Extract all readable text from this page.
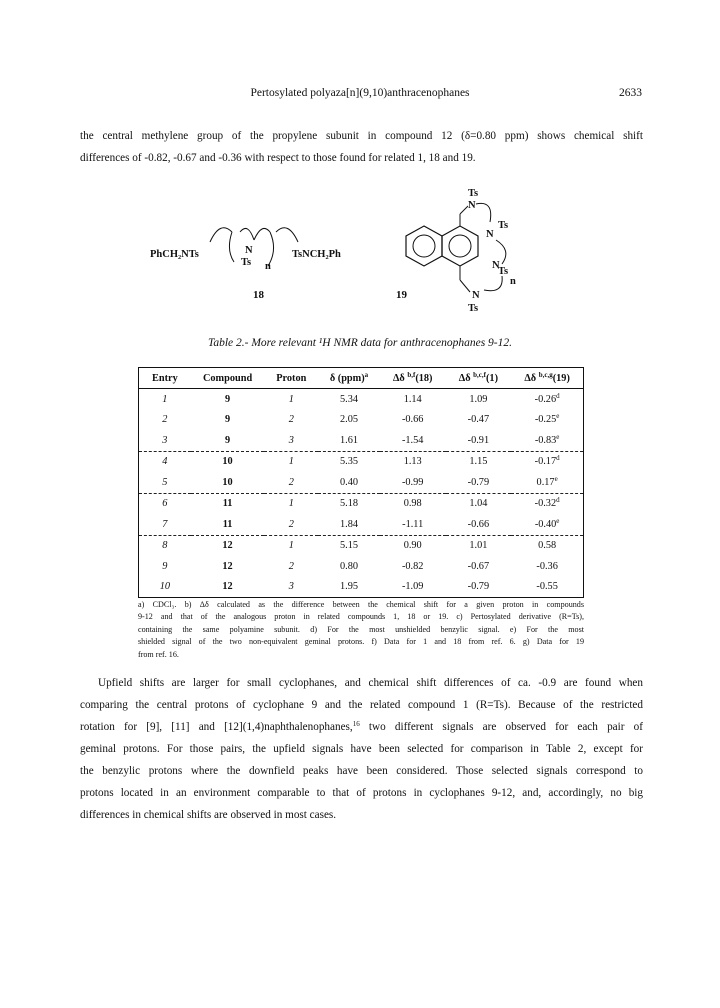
Pertosylated polyaza[n](9,10)anthracenophanes	2633
the central methylene group of the propylene subunit in compound 12 (δ=0.80 ppm) shows chemical shift
differences of -0.82, -0.67 and -0.36 with respect to those found for related 1, 18 and 19.
PhCH₂NTs	N
Ts n
TsNCH₂Ph
18
Ts
N
Ts
N
N
Ts
n
N
Ts
19
Table 2.- More relevant ¹H NMR data for anthracenophanes 9-12.
Entry	Compound	Proton	δ (ppm)$^a$	Δδ $^{b,f}$(18)	Δδ $^{b,c,f}$(1)	Δδ $^{b,c,g}$(19)
1	9	1	5.34	1.14	1.09	-0.26$^d$
2	9	2	2.05	-0.66	-0.47	-0.25e
3	9	3	1.61	-1.54	-0.91	-0.83e
4	10	1	5.35	1.13	1.15	-0.17$^d$
5	10	2	0.40	-0.99	-0.79	0.17e
6	11	1	5.18	0.98	1.04	-0.32$^d$
7	11	2	1.84	-1.11	-0.66	-0.40e
8	12	1	5.15	0.90	1.01	0.58
9	12	2	0.80	-0.82	-0.67	-0.36
10	12	3	1.95	-1.09	-0.79	-0.55
a) CDCl₃. b) Δδ calculated as the difference between the chemical shift for a given proton in compounds
9-12 and that of the analogous proton in related compounds 1, 18 or 19. c) Pertosylated derivative (R=Ts),
containing the same polyamine subunit. d) For the most unshielded benzylic signal. e) For the most
shielded signal of the two non-equivalent geminal protons. f) Data for 1 and 18 from ref. 6. g) Data for 19
from ref. 16.
Upfield shifts are larger for small cyclophanes, and chemical shift differences of ca. -0.9 are found when
comparing the central protons of cyclophane 9 and the related compound 1 (R=Ts). Because of the restricted
rotation for [9], [11] and [12](1,4)naphthalenophanes,$^{16}$ two different signals are observed for each pair of
geminal protons. For those pairs, the upfield signals have been selected for comparison in Table 2, except for
the benzylic protons where the downfield peaks have been considered. Those selected signals correspond to
protons located in an environment comparable to that of protons in cyclophanes 9-12, and, accordingly, no big
differences in chemical shifts are observed in most cases.
